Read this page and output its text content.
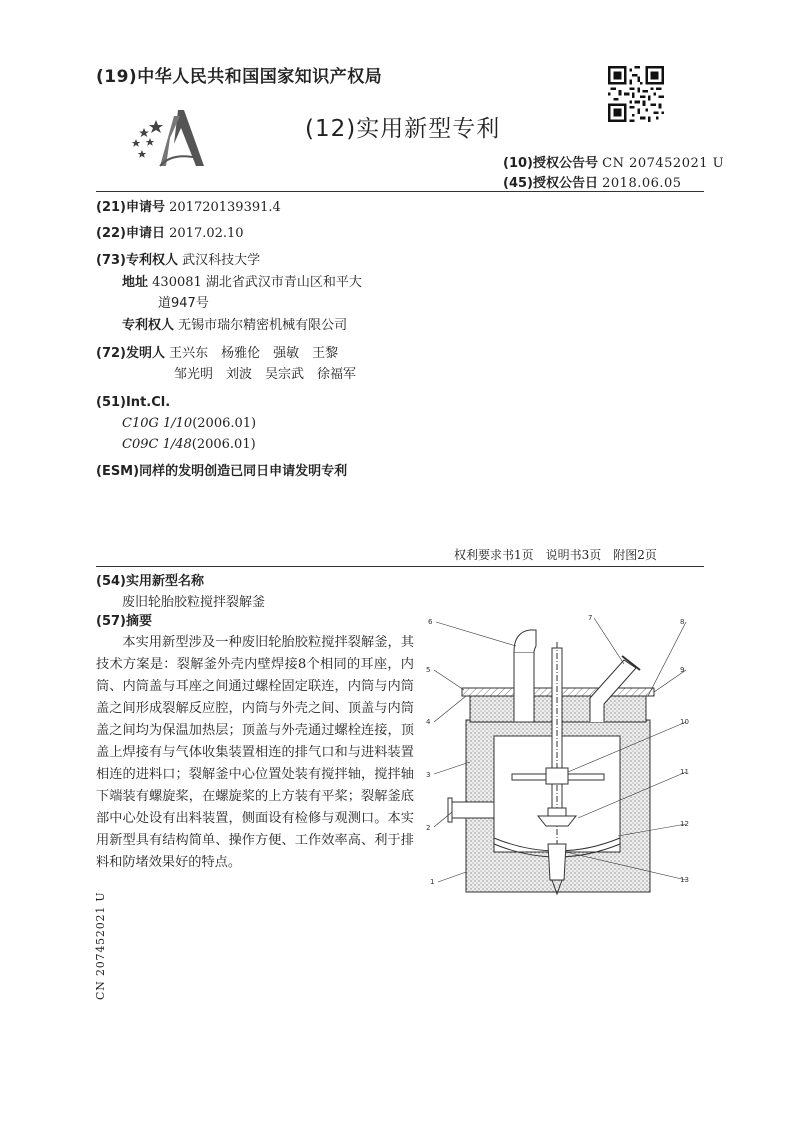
(19)中华人民共和国国家知识产权局
(12)实用新型专利
(10)授权公告号 CN 207452021 U
(45)授权公告日 2018.06.05
(21)申请号 201720139391.4
(22)申请日 2017.02.10
(73)专利权人 武汉科技大学
地址 430081 湖北省武汉市青山区和平大
道947号
专利权人 无锡市瑞尔精密机械有限公司
(72)发明人 王兴东　杨雅伦　强敏　王黎
邹光明　刘波　吴宗武　徐福军
(51)Int.Cl.
C10G 1/10(2006.01)
C09C 1/48(2006.01)
(ESM)同样的发明创造已同日申请发明专利
权利要求书1页　说明书3页　附图2页
(54)实用新型名称
废旧轮胎胶粒搅拌裂解釜
(57)摘要
本实用新型涉及一种废旧轮胎胶粒搅拌裂解釜，其技术方案是：裂解釜外壳内壁焊接8个相同的耳座，内筒、内筒盖与耳座之间通过螺栓固定联连，内筒与内筒盖之间形成裂解反应腔，内筒与外壳之间、顶盖与内筒盖之间均为保温加热层；顶盖与外壳通过螺栓连接，顶盖上焊接有与气体收集装置相连的排气口和与进料装置相连的进料口；裂解釜中心位置处装有搅拌轴，搅拌轴下端装有螺旋桨，在螺旋桨的上方装有平桨；裂解釜底部中心处设有出料装置，侧面设有检修与观测口。本实用新型具有结构简单、操作方便、工作效率高、利于排料和防堵效果好的特点。
1
2
3
4
5
6	7	8
9
10
11
12
13
CN 207452021 U
